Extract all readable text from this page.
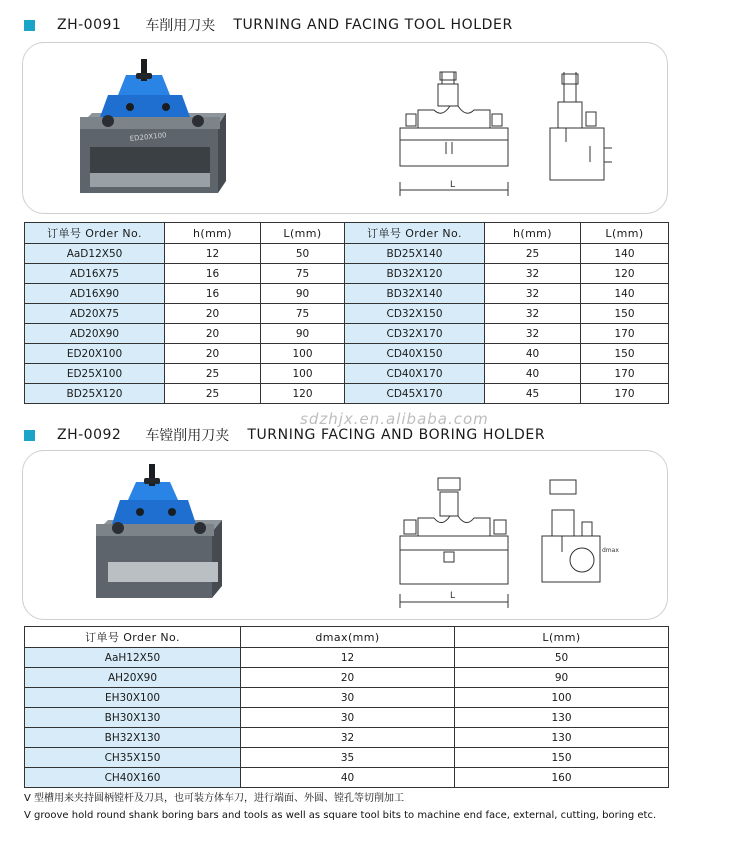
ZH-0091 车削用刀夹 TURNING AND FACING TOOL HOLDER
ED20X100
L
订单号 Order No.	h(mm)	L(mm)	订单号 Order No.	h(mm)	L(mm)
AaD12X50	12	50	BD25X140	25	140
AD16X75	16	75	BD32X120	32	120
AD16X90	16	90	BD32X140	32	140
AD20X75	20	75	CD32X150	32	150
AD20X90	20	90	CD32X170	32	170
ED20X100	20	100	CD40X150	40	150
ED25X100	25	100	CD40X170	40	170
BD25X120	25	120	CD45X170	45	170
sdzhjx.en.alibaba.com
ZH-0092 车镗削用刀夹 TURNING FACING AND BORING HOLDER
L
dmax
订单号 Order No.	dmax(mm)	L(mm)
AaH12X50	12	50
AH20X90	20	90
EH30X100	30	100
BH30X130	30	130
BH32X130	32	130
CH35X150	35	150
CH40X160	40	160
V 型槽用来夹持圆柄镗杆及刀具，也可装方体车刀，进行端面、外圆、镗孔等切削加工
V groove hold round shank boring bars and tools as well as square tool bits to machine end face, external, cutting, boring etc.
